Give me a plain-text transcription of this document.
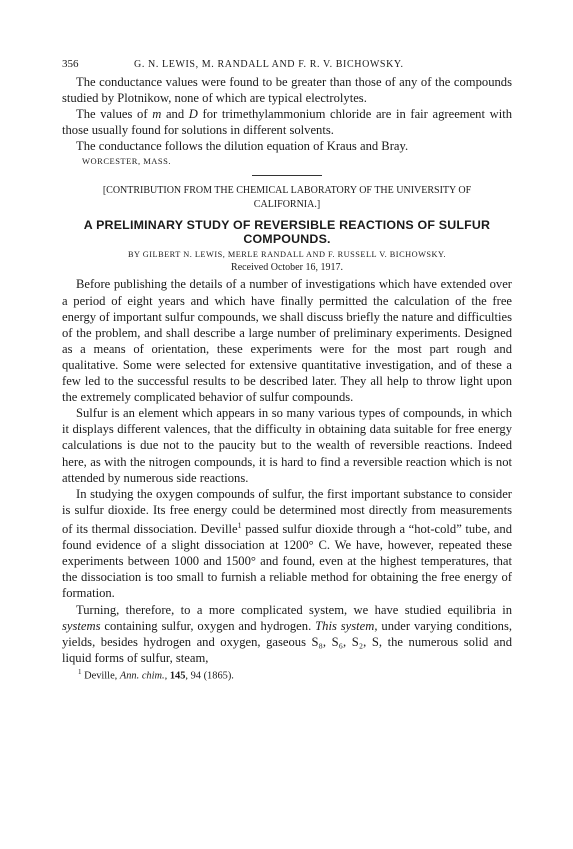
356	G. N. LEWIS, M. RANDALL AND F. R. V. BICHOWSKY.

The conductance values were found to be greater than those of any of the compounds studied by Plotnikow, none of which are typical electrolytes.

The values of m and D for trimethylammonium chloride are in fair agreement with those usually found for solutions in different solvents.

The conductance follows the dilution equation of Kraus and Bray.

WORCESTER, MASS.
[CONTRIBUTION FROM THE CHEMICAL LABORATORY OF THE UNIVERSITY OF CALIFORNIA.]
A PRELIMINARY STUDY OF REVERSIBLE REACTIONS OF SULFUR COMPOUNDS.
BY GILBERT N. LEWIS, MERLE RANDALL AND F. RUSSELL V. BICHOWSKY.
Received October 16, 1917.

Before publishing the details of a number of investigations which have extended over a period of eight years and which have finally permitted the calculation of the free energy of important sulfur compounds, we shall discuss briefly the nature and difficulties of the problem, and shall describe a large number of preliminary experiments. Designed as a means of orientation, these experiments were for the most part rough and qualitative. Some were selected for extensive quantitative investigation, and of these a few led to the successful results to be described later. They all help to throw light upon the extremely complicated behavior of sulfur compounds.

Sulfur is an element which appears in so many various types of compounds, in which it displays different valences, that the difficulty in obtaining data suitable for free energy calculations is due not to the paucity but to the wealth of reversible reactions. Indeed here, as with the nitrogen compounds, it is hard to find a reversible reaction which is not attended by numerous side reactions.

In studying the oxygen compounds of sulfur, the first important substance to consider is sulfur dioxide. Its free energy could be determined most directly from measurements of its thermal dissociation. Deville$^1$ passed sulfur dioxide through a “hot-cold” tube, and found evidence of a slight dissociation at 1200° C. We have, however, repeated these experiments between 1000 and 1500° and found, even at the highest temperatures, that the dissociation is too small to furnish a reliable method for obtaining the free energy of formation.

Turning, therefore, to a more complicated system, we have studied equilibria in systems containing sulfur, oxygen and hydrogen. This system, under varying conditions, yields, besides hydrogen and oxygen, gaseous S₈, S₆, S₂, S, the numerous solid and liquid forms of sulfur, steam,

$^1$ Deville, Ann. chim., 145, 94 (1865).
